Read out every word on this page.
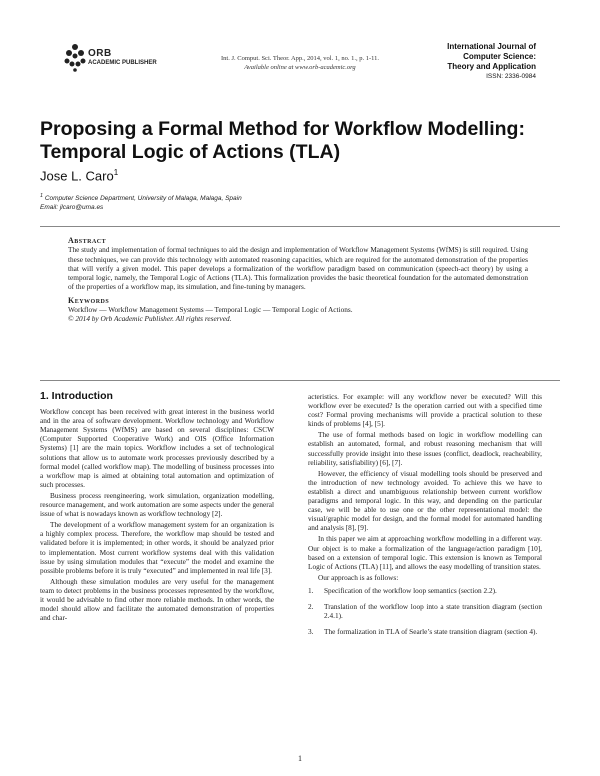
ORB
ACADEMIC PUBLISHER
Int. J. Comput. Sci. Theor. App., 2014, vol. 1, no. 1., p. 1-11.
Available online at www.orb-academic.org
International Journal of
Computer Science:
Theory and Application
ISSN: 2336-0984
Proposing a Formal Method for Workflow Modelling:
Temporal Logic of Actions (TLA)
Jose L. Caro$^1$
$^1$ Computer Science Department, University of Malaga, Malaga, Spain
Email: jlcaro@uma.es
Abstract
The study and implementation of formal techniques to aid the design and implementation of Workflow Management Systems (WfMS) is still required. Using these techniques, we can provide this technology with automated reasoning capacities, which are required for the automated demonstration of the properties that will verify a given model. This paper develops a formalization of the workflow paradigm based on communication (speech-act theory) by using a temporal logic, namely, the Temporal Logic of Actions (TLA). This formalization provides the basic theoretical foundation for the automated demonstration of the properties of a workflow map, its simulation, and fine-tuning by managers.
Keywords
Workflow — Workflow Management Systems — Temporal Logic — Temporal Logic of Actions.
© 2014 by Orb Academic Publisher. All rights reserved.
1. Introduction

Workflow concept has been received with great interest in the business world and in the area of software development. Workflow technology and Workflow Management Systems (WfMS) are based on several disciplines: CSCW (Computer Supported Cooperative Work) and OIS (Office Information Systems) [1] are the main topics. Workflow includes a set of technological solutions that allow us to automate work processes previously described by a formal model (called workflow map). The modelling of business processes into a workflow map is aimed at obtaining total automation and optimization of such processes.

Business process reengineering, work simulation, organization modelling, resource management, and work automation are some aspects under the general issue of what is nowadays known as workflow technology [2].

The development of a workflow management system for an organization is a highly complex process. Therefore, the workflow map should be tested and validated before it is implemented; in other words, it should be analyzed prior to implementation. Most current workflow systems deal with this validation issue by using simulation modules that “execute” the model and examine the possible problems before it is truly “executed” and implemented in real life [3].

Although these simulation modules are very useful for the management team to detect problems in the business processes represented by the workflow, it would be advisable to find other more reliable methods. In other words, the model should allow and facilitate the automated demonstration of properties and char-

acteristics. For example: will any workflow never be executed? Will this workflow ever be executed? Is the operation carried out with a specified time cost? Formal proving mechanisms will provide a practical solution to these kinds of problems [4], [5].

The use of formal methods based on logic in workflow modelling can establish an automated, formal, and robust reasoning mechanism that will successfully provide insight into these issues (conflict, deadlock, reacheability, reliability, satisfiability) [6], [7].

However, the efficiency of visual modelling tools should be preserved and the introduction of new technology avoided. To achieve this we have to establish a direct and unambiguous relationship between current workflow paradigms and temporal logic. In this way, and depending on the particular case, we will be able to use one or the other representational model: the visual/graphic model for design, and the formal model for automated handling and analysis [8], [9].

In this paper we aim at approaching workflow modelling in a different way. Our object is to make a formalization of the language/action paradigm [10], based on a extension of temporal logic. This extension is known as Temporal Logic of Actions (TLA) [11], and allows the easy modelling of transition states.

Our approach is as follows:

1. Specification of the workflow loop semantics (section 2.2).
2. Translation of the workflow loop into a state transition diagram (section 2.4.1).
3. The formalization in TLA of Searle’s state transition diagram (section 4).
1
